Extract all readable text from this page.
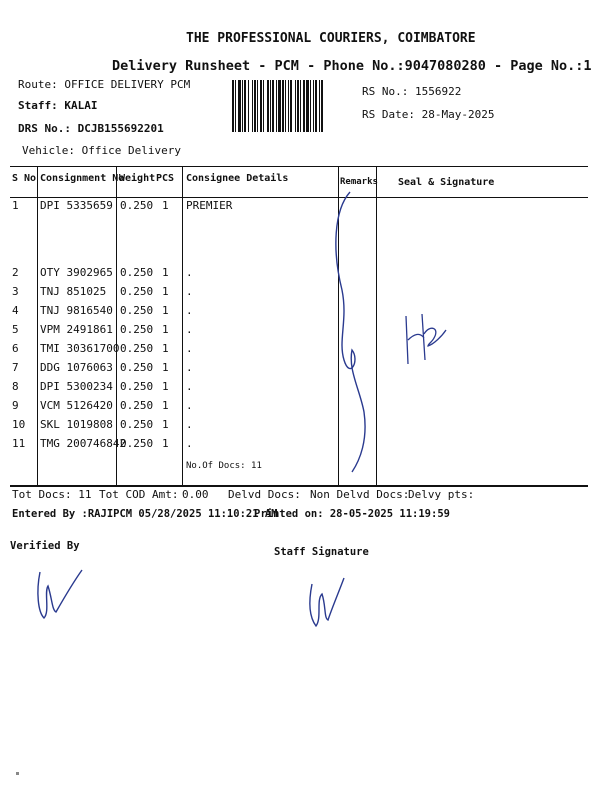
THE PROFESSIONAL COURIERS, COIMBATORE
Delivery Runsheet - PCM - Phone No.:9047080280 - Page No.:1
Route: OFFICE DELIVERY PCM
Staff: KALAI
DRS No.: DCJB155692201
Vehicle: Office Delivery
RS No.: 1556922
RS Date: 28-May-2025
S No Consignment No
Weight PCS Consignee Details	Remarks Seal & Signature
1 DPI 5335659 0.250 1 PREMIER
2 OTY 3902965 0.250 1 .
3 TNJ 851025 0.250 1 .
4 TNJ 9816540 0.250 1 .
5 VPM 2491861 0.250 1 .
6 TMI 30361700 0.250 1 .
7 DDG 1076063 0.250 1 .
8 DPI 5300234 0.250 1 .
9 VCM 5126420 0.250 1 .
10 SKL 1019808 0.250 1 .
11 TMG 200746842
0.250 1 .
No.Of Docs: 11
Tot Docs: 11 Tot COD Amt: 0.00 Delvd Docs: Non Delvd Docs:
Delvy pts:
Entered By :RAJIPCM 05/28/2025 11:10:21 AM
Printed on: 28-05-2025 11:19:59
Verified By	Staff Signature
